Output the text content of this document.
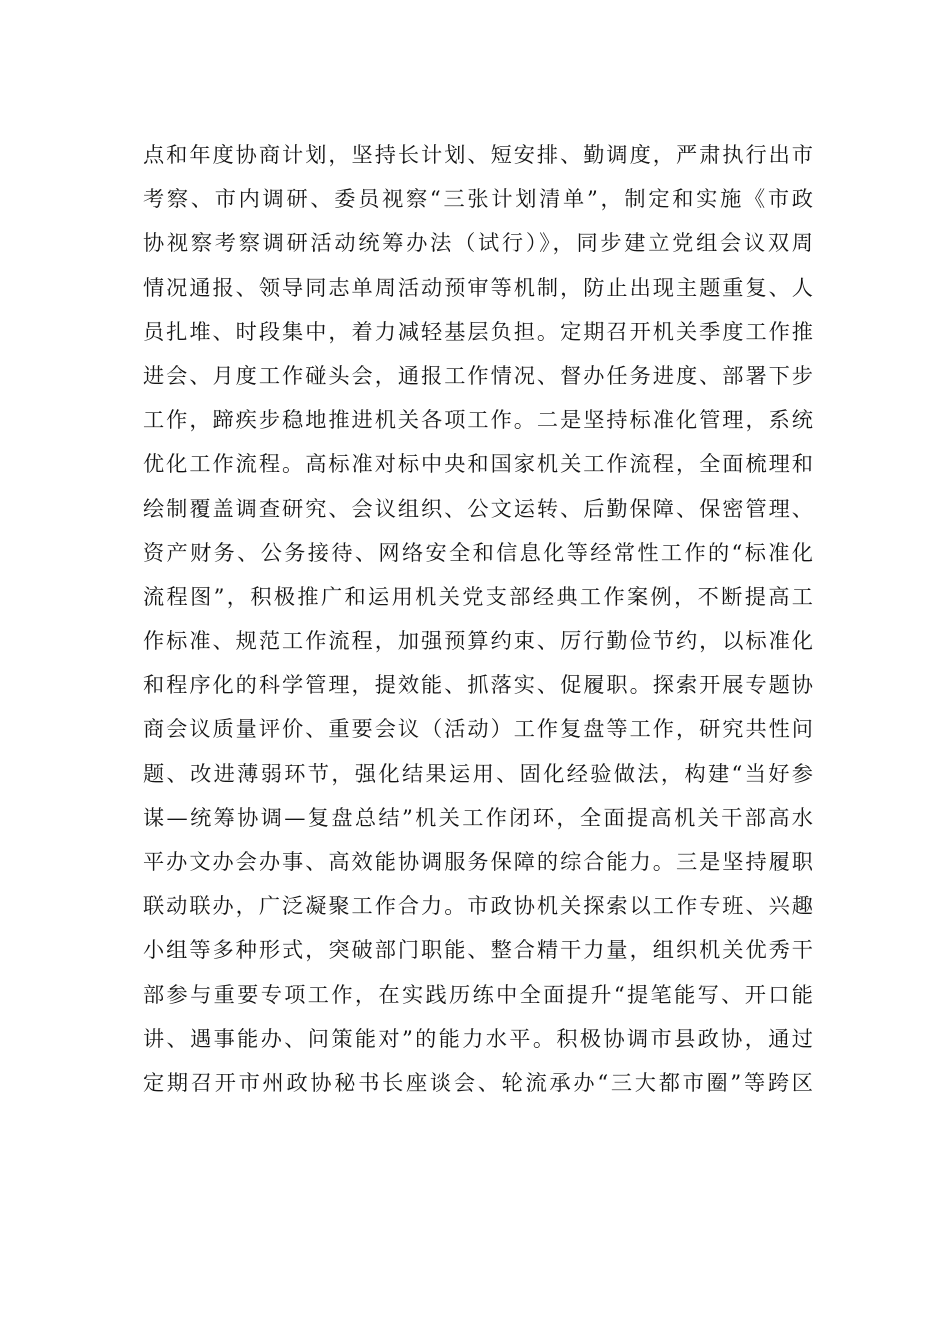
点和年度协商计划，坚持长计划、短安排、勤调度，严肃执行出市
考察、市内调研、委员视察“三张计划清单”，制定和实施《市政
协视察考察调研活动统筹办法（试行）》，同步建立党组会议双周
情况通报、领导同志单周活动预审等机制，防止出现主题重复、人
员扎堆、时段集中，着力减轻基层负担。定期召开机关季度工作推
进会、月度工作碰头会，通报工作情况、督办任务进度、部署下步
工作，蹄疾步稳地推进机关各项工作。二是坚持标准化管理，系统
优化工作流程。高标准对标中央和国家机关工作流程，全面梳理和
绘制覆盖调查研究、会议组织、公文运转、后勤保障、保密管理、
资产财务、公务接待、网络安全和信息化等经常性工作的“标准化
流程图”，积极推广和运用机关党支部经典工作案例，不断提高工
作标准、规范工作流程，加强预算约束、厉行勤俭节约，以标准化
和程序化的科学管理，提效能、抓落实、促履职。探索开展专题协
商会议质量评价、重要会议（活动）工作复盘等工作，研究共性问
题、改进薄弱环节，强化结果运用、固化经验做法，构建“当好参
谋—统筹协调—复盘总结”机关工作闭环，全面提高机关干部高水
平办文办会办事、高效能协调服务保障的综合能力。三是坚持履职
联动联办，广泛凝聚工作合力。市政协机关探索以工作专班、兴趣
小组等多种形式，突破部门职能、整合精干力量，组织机关优秀干
部参与重要专项工作，在实践历练中全面提升“提笔能写、开口能
讲、遇事能办、问策能对”的能力水平。积极协调市县政协，通过
定期召开市州政协秘书长座谈会、轮流承办“三大都市圈”等跨区
